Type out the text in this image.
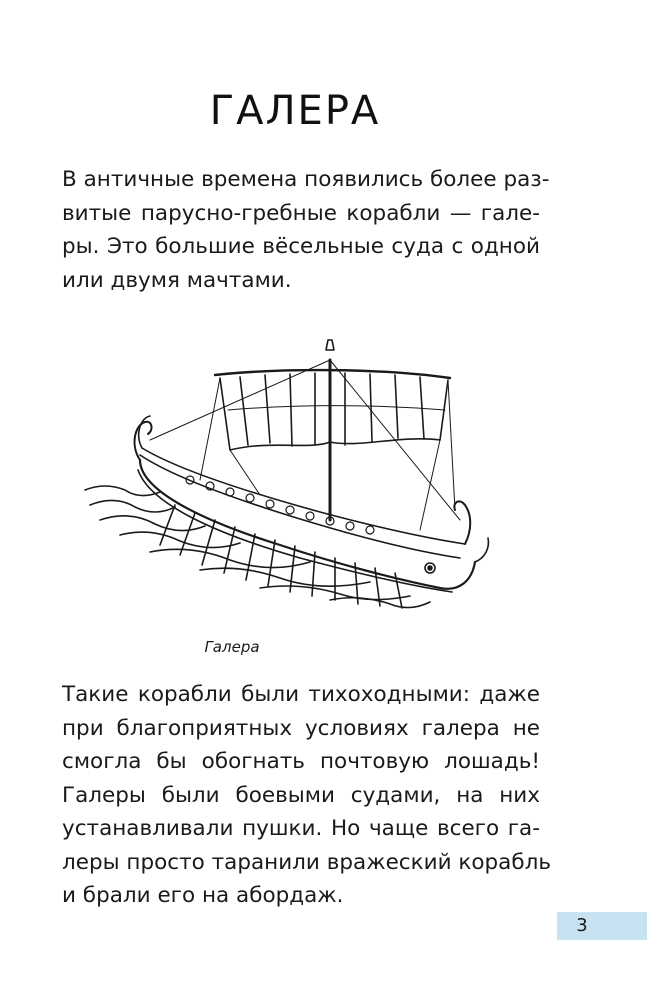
ГАЛЕРА

В античные времена появились более раз-
витые парусно-гребные корабли — гале-
ры. Это большие вёсельные суда с одной
или двумя мачтами.

Галера

Такие корабли были тихоходными: даже
при благоприятных условиях галера не
смогла бы обогнать почтовую лошадь!
Галеры были боевыми судами, на них
устанавливали пушки. Но чаще всего га-
леры просто таранили вражеский корабль
и брали его на абордаж.

3
